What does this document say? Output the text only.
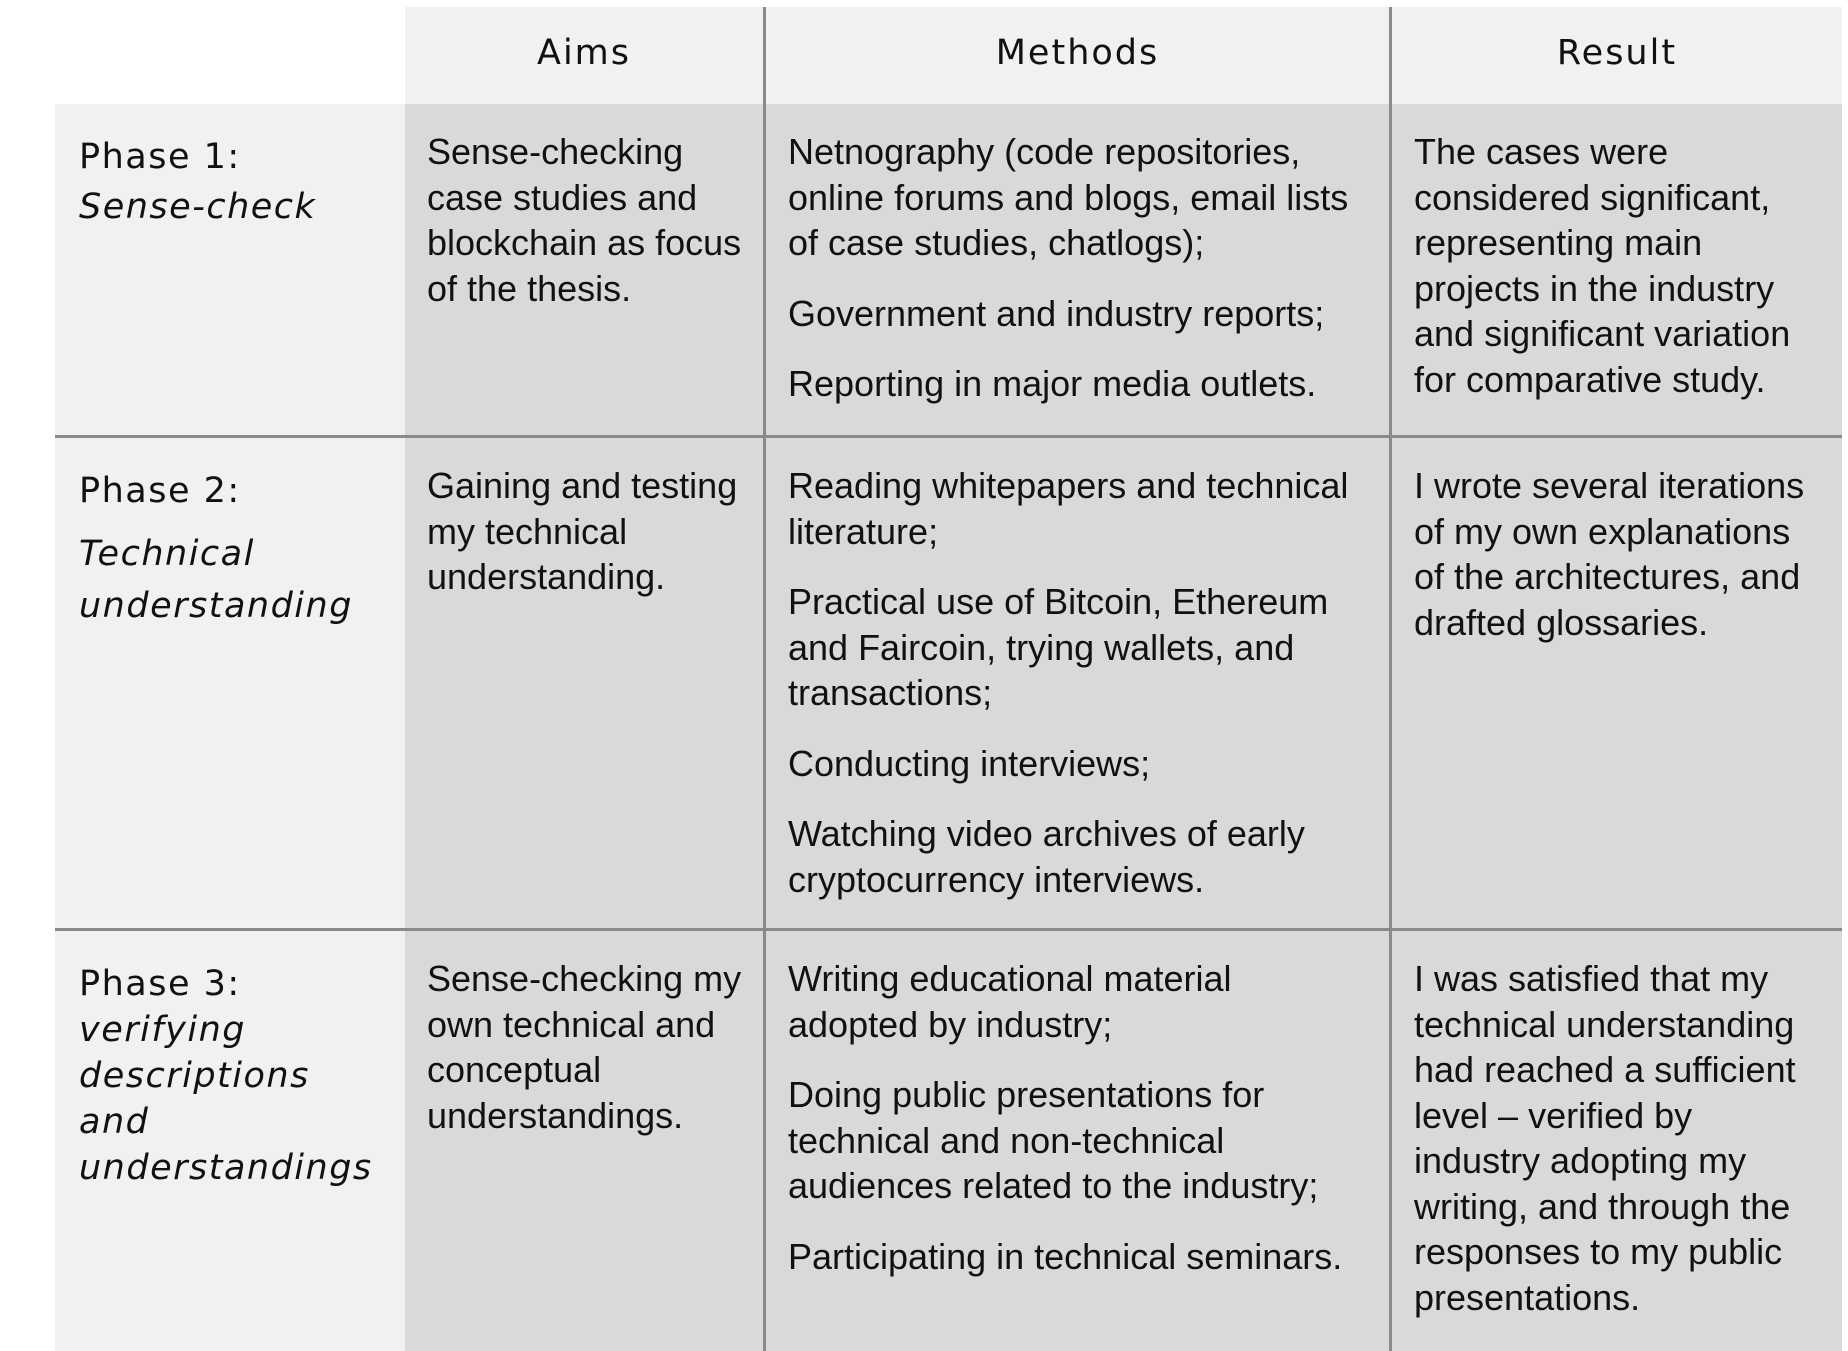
Aims	Methods	Result
Phase 1:
Sense-check

Sense-checking case studies and blockchain as focus of the thesis.

Netnography (code repositories, online forums and blogs, email lists of case studies, chatlogs);

Government and industry reports;

Reporting in major media outlets.

The cases were considered significant, representing main projects in the industry and significant variation for comparative study.

Phase 2:
Technical understanding

Gaining and testing my technical understanding.

Reading whitepapers and technical literature;

Practical use of Bitcoin, Ethereum and Faircoin, trying wallets, and transactions;

Conducting interviews;

Watching video archives of early cryptocurrency interviews.

I wrote several iterations of my own explanations of the architectures, and drafted glossaries.

Phase 3:
verifying descriptions and understandings

Sense-checking my own technical and conceptual understandings.

Writing educational material adopted by industry;

Doing public presentations for technical and non-technical audiences related to the industry;

Participating in technical seminars.

I was satisfied that my technical understanding had reached a sufficient level – verified by industry adopting my writing, and through the responses to my public presentations.
